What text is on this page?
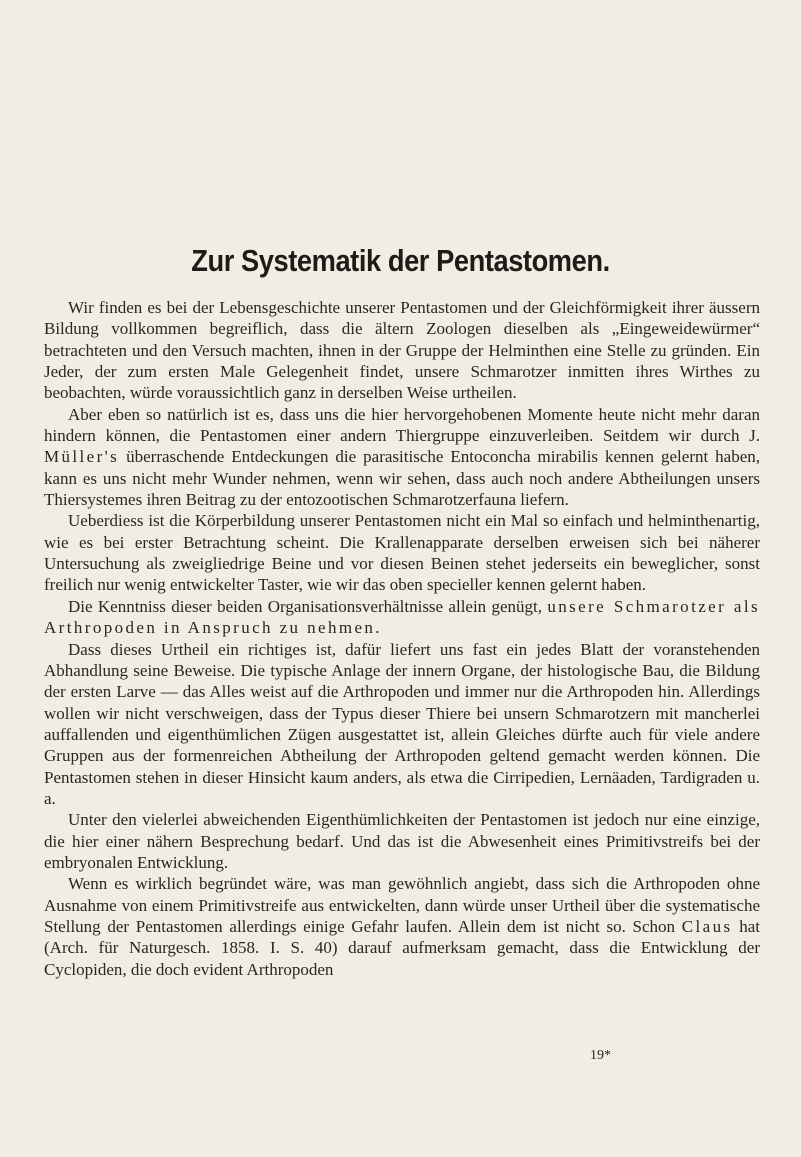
Zur Systematik der Pentastomen.

Wir finden es bei der Lebensgeschichte unserer Pentastomen und der Gleichförmigkeit ihrer äussern Bildung vollkommen begreiflich, dass die ältern Zoologen dieselben als „Eingeweidewürmer“ betrachteten und den Versuch machten, ihnen in der Gruppe der Helminthen eine Stelle zu gründen. Ein Jeder, der zum ersten Male Gelegenheit findet, unsere Schmarotzer inmitten ihres Wirthes zu beobachten, würde voraussichtlich ganz in derselben Weise urtheilen.

Aber eben so natürlich ist es, dass uns die hier hervorgehobenen Momente heute nicht mehr daran hindern können, die Pentastomen einer andern Thiergruppe einzuverleiben. Seitdem wir durch J. Müller's überraschende Entdeckungen die parasitische Entoconcha mirabilis kennen gelernt haben, kann es uns nicht mehr Wunder nehmen, wenn wir sehen, dass auch noch andere Abtheilungen unsers Thiersystemes ihren Beitrag zu der entozootischen Schmarotzerfauna liefern.

Ueberdiess ist die Körperbildung unserer Pentastomen nicht ein Mal so einfach und helminthenartig, wie es bei erster Betrachtung scheint. Die Krallenapparate derselben erweisen sich bei näherer Untersuchung als zweigliedrige Beine und vor diesen Beinen stehet jederseits ein beweglicher, sonst freilich nur wenig entwickelter Taster, wie wir das oben specieller kennen gelernt haben.

Die Kenntniss dieser beiden Organisationsverhältnisse allein genügt, unsere Schmarotzer als Arthropoden in Anspruch zu nehmen.

Dass dieses Urtheil ein richtiges ist, dafür liefert uns fast ein jedes Blatt der voranstehenden Abhandlung seine Beweise. Die typische Anlage der innern Organe, der histologische Bau, die Bildung der ersten Larve — das Alles weist auf die Arthropoden und immer nur die Arthropoden hin. Allerdings wollen wir nicht verschweigen, dass der Typus dieser Thiere bei unsern Schmarotzern mit mancherlei auffallenden und eigenthümlichen Zügen ausgestattet ist, allein Gleiches dürfte auch für viele andere Gruppen aus der formenreichen Abtheilung der Arthropoden geltend gemacht werden können. Die Pentastomen stehen in dieser Hinsicht kaum anders, als etwa die Cirripedien, Lernäaden, Tardigraden u. a.

Unter den vielerlei abweichenden Eigenthümlichkeiten der Pentastomen ist jedoch nur eine einzige, die hier einer nähern Besprechung bedarf. Und das ist die Abwesenheit eines Primitivstreifs bei der embryonalen Entwicklung.

Wenn es wirklich begründet wäre, was man gewöhnlich angiebt, dass sich die Arthropoden ohne Ausnahme von einem Primitivstreife aus entwickelten, dann würde unser Urtheil über die systematische Stellung der Pentastomen allerdings einige Gefahr laufen. Allein dem ist nicht so. Schon Claus hat (Arch. für Naturgesch. 1858. I. S. 40) darauf aufmerksam gemacht, dass die Entwicklung der Cyclopiden, die doch evident Arthropoden

19*
